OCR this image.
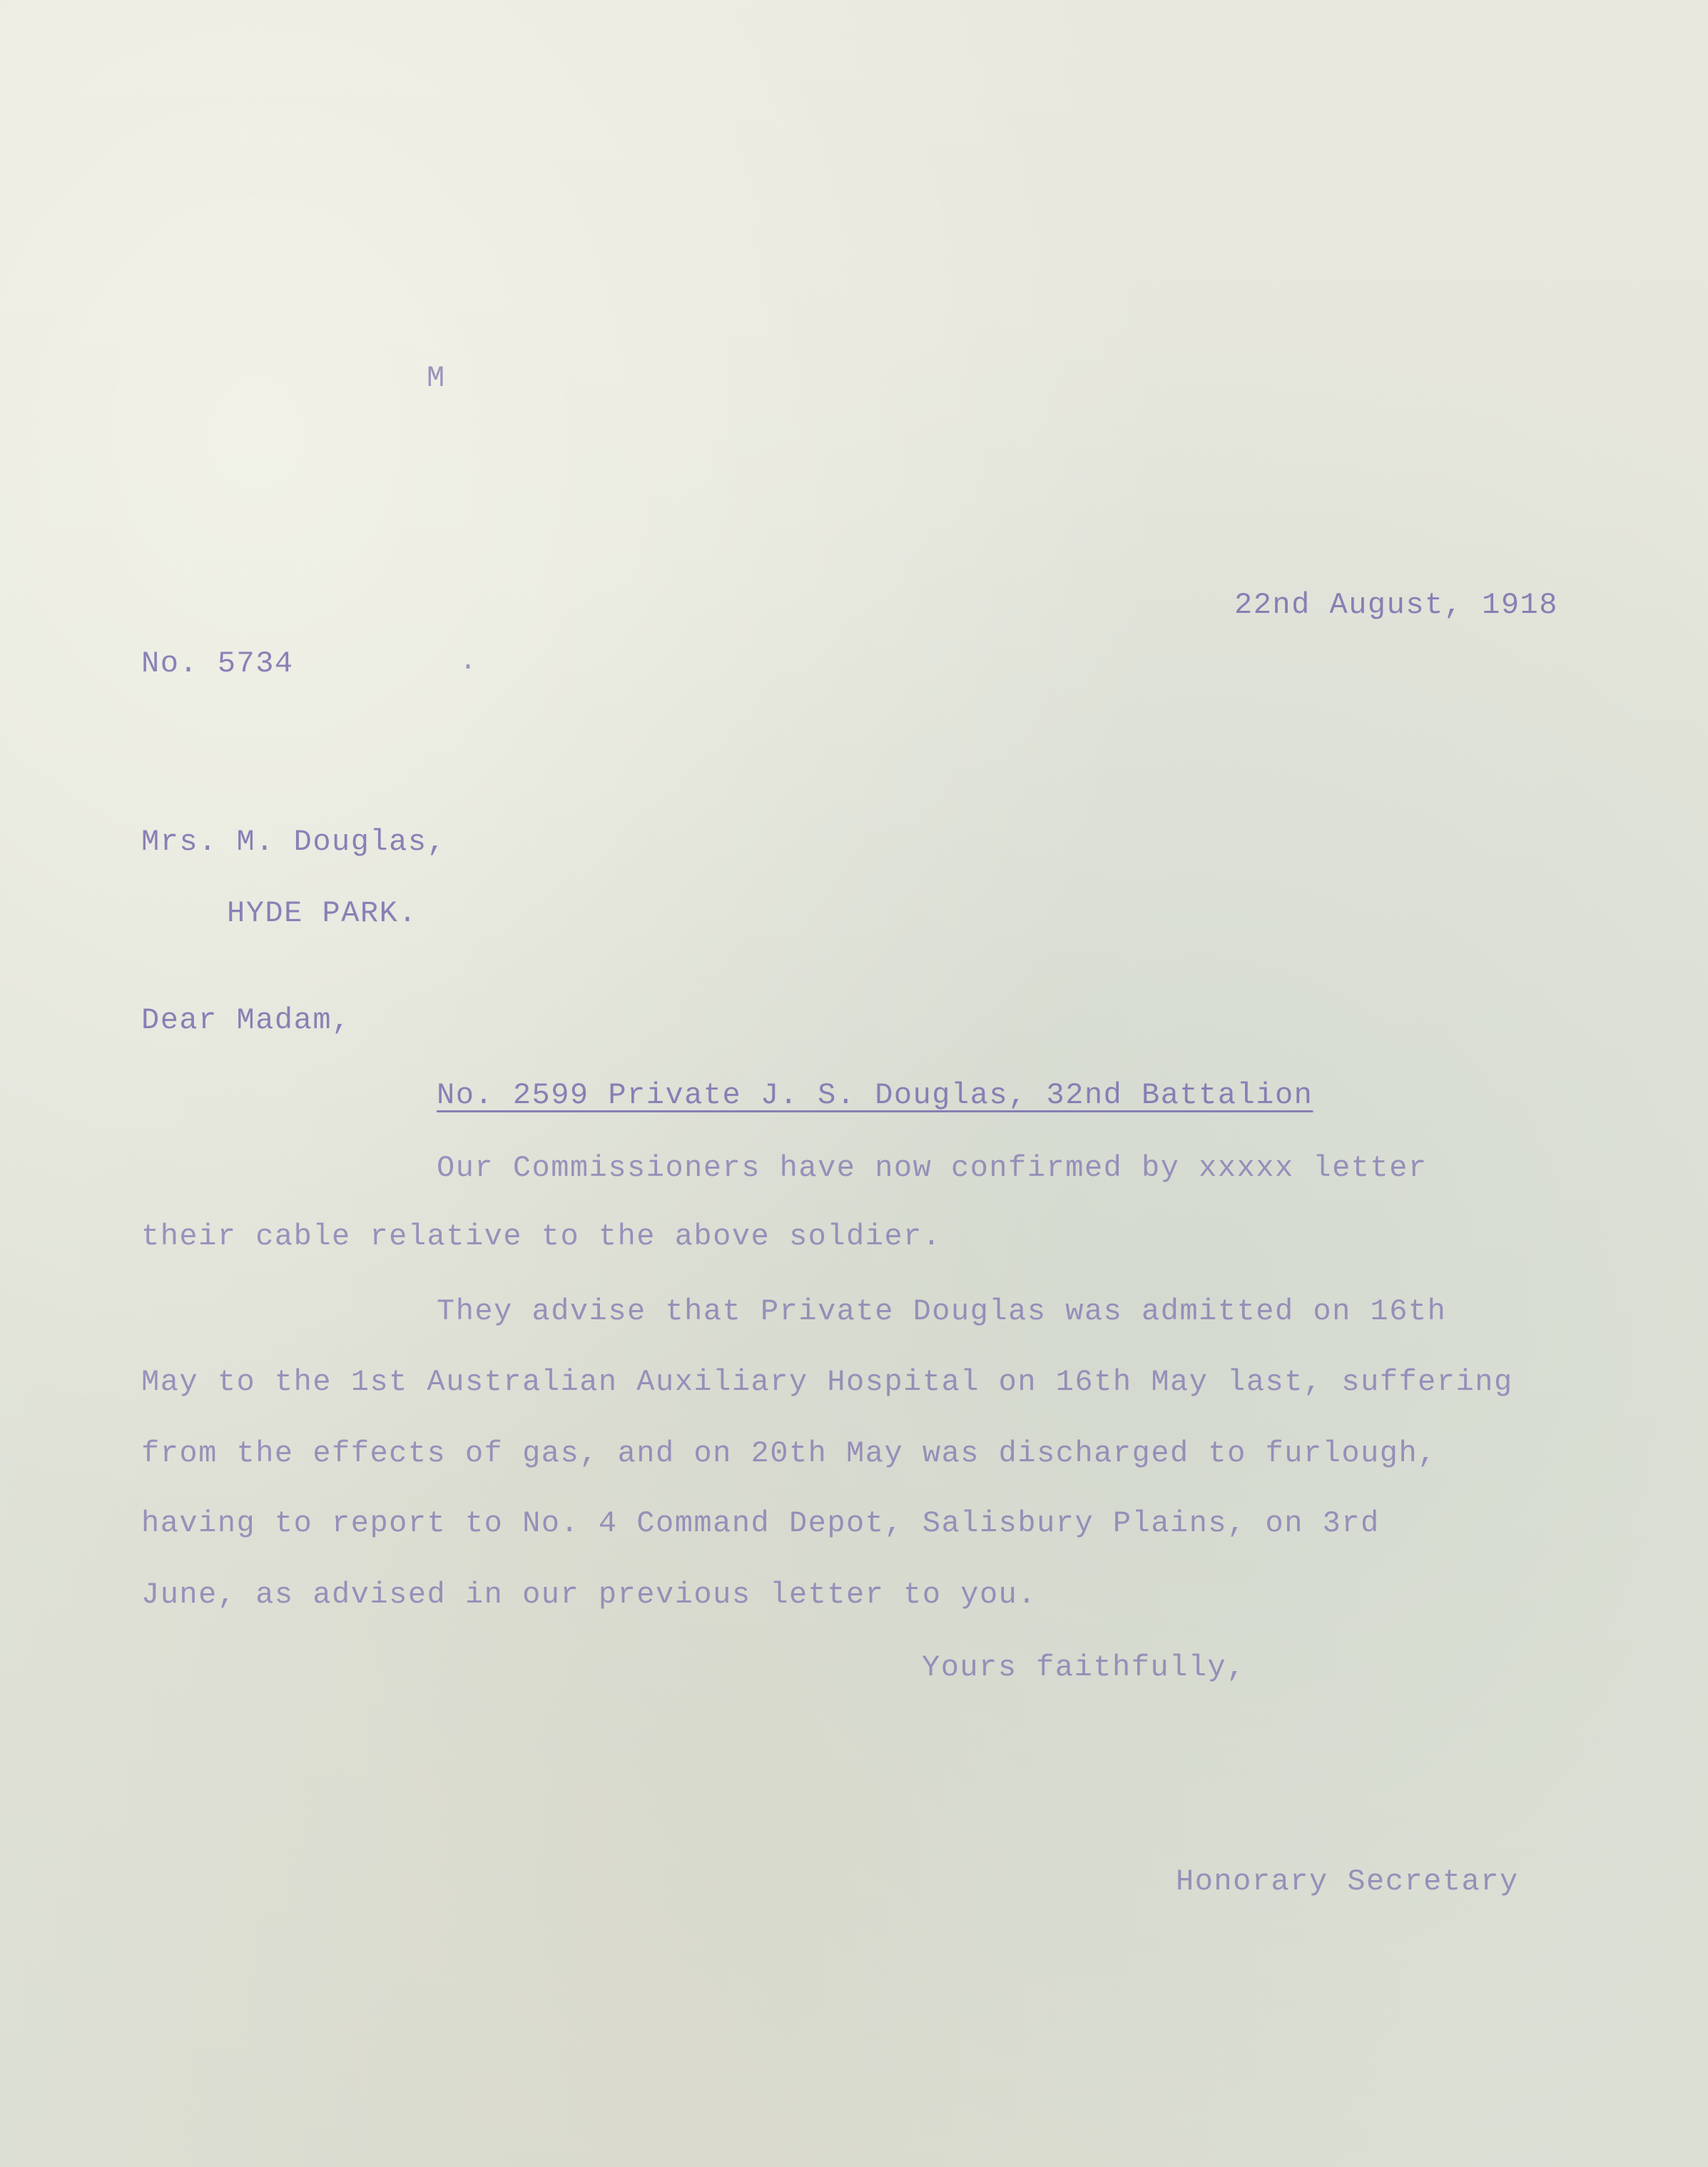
M

22nd August, 1918

No. 5734	.

Mrs. M. Douglas,

HYDE PARK.

Dear Madam,

No. 2599 Private J. S. Douglas, 32nd Battalion

Our Commissioners have now confirmed by xxxxx letter

their cable relative to the above soldier.

They advise that Private Douglas was admitted on 16th

May to the 1st Australian Auxiliary Hospital on 16th May last, suffering

from the effects of gas, and on 20th May was discharged to furlough,

having to report to No. 4 Command Depot, Salisbury Plains, on 3rd

June, as advised in our previous letter to you.

Yours faithfully,

Honorary Secretary
